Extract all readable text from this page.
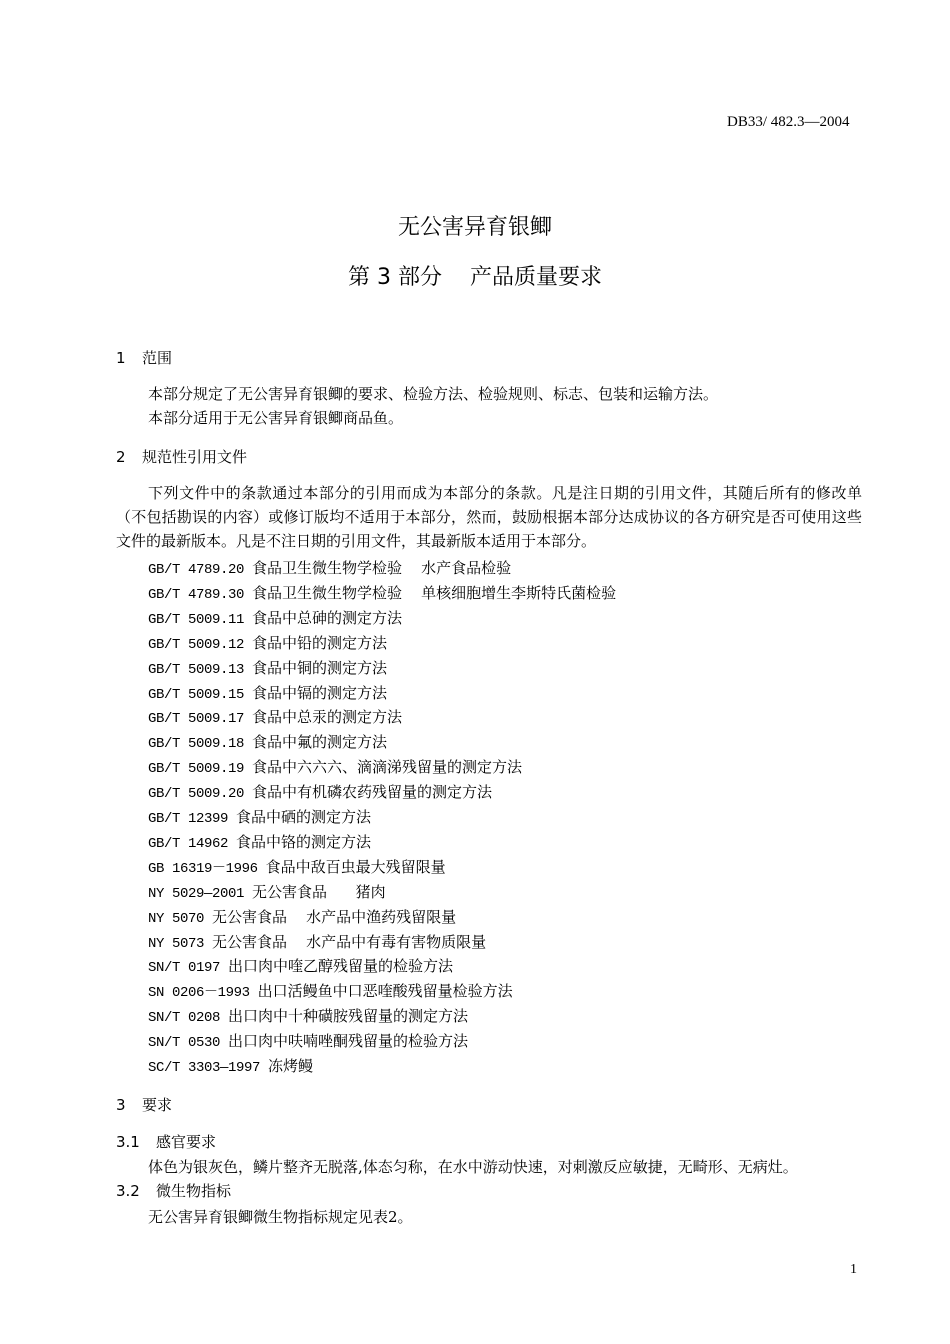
DB33/ 482.3—2004
无公害异育银鲫
第 3 部分    产品质量要求
1 范围
本部分规定了无公害异育银鲫的要求、检验方法、检验规则、标志、包装和运输方法。
本部分适用于无公害异育银鲫商品鱼。
2 规范性引用文件
下列文件中的条款通过本部分的引用而成为本部分的条款。凡是注日期的引用文件，其随后所有的修改单（不包括勘误的内容）或修订版均不适用于本部分，然而，鼓励根据本部分达成协议的各方研究是否可使用这些文件的最新版本。凡是不注日期的引用文件，其最新版本适用于本部分。
GB/T 4789.20 食品卫生微生物学检验    水产食品检验
GB/T 4789.30 食品卫生微生物学检验    单核细胞增生李斯特氏菌检验
GB/T 5009.11 食品中总砷的测定方法
GB/T 5009.12 食品中铅的测定方法
GB/T 5009.13 食品中铜的测定方法
GB/T 5009.15 食品中镉的测定方法
GB/T 5009.17 食品中总汞的测定方法
GB/T 5009.18 食品中氟的测定方法
GB/T 5009.19 食品中六六六、滴滴涕残留量的测定方法
GB/T 5009.20 食品中有机磷农药残留量的测定方法
GB/T 12399 食品中硒的测定方法
GB/T 14962 食品中铬的测定方法
GB 16319－1996 食品中敌百虫最大残留限量
NY 5029—2001 无公害食品      猪肉
NY 5070 无公害食品    水产品中渔药残留限量
NY 5073 无公害食品    水产品中有毒有害物质限量
SN/T 0197 出口肉中喹乙醇残留量的检验方法
SN 0206－1993 出口活鳗鱼中口恶喹酸残留量检验方法
SN/T 0208 出口肉中十种磺胺残留量的测定方法
SN/T 0530 出口肉中呋喃唑酮残留量的检验方法
SC/T 3303—1997 冻烤鳗
3 要求
3.1 感官要求
体色为银灰色，鳞片整齐无脱落,体态匀称，在水中游动快速，对刺激反应敏捷，无畸形、无病灶。
3.2 微生物指标
无公害异育银鲫微生物指标规定见表2。
1
